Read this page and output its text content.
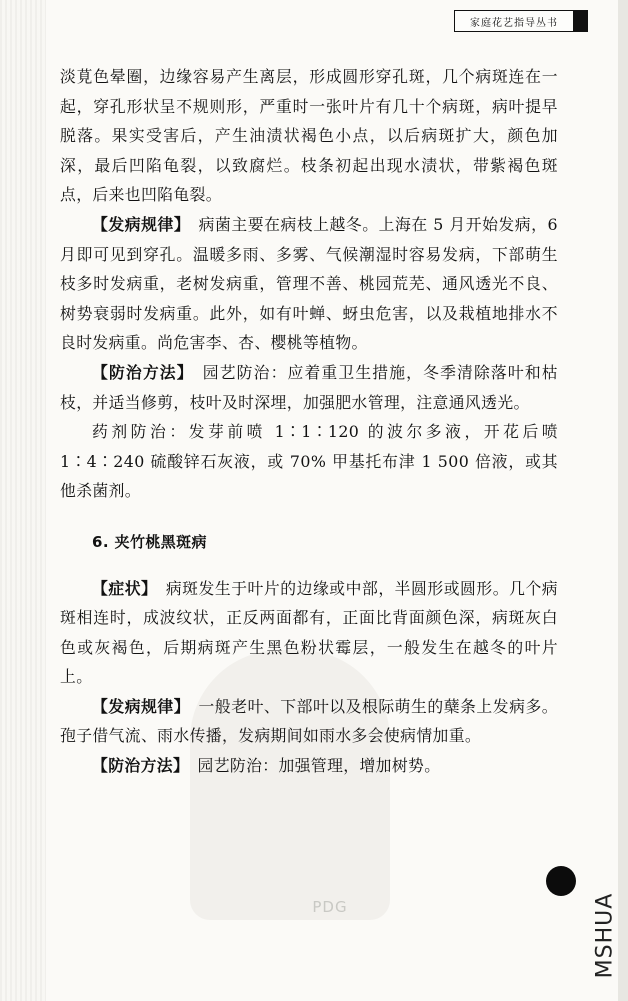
家庭花艺指导丛书
PDG

淡莧色晕圈，边缘容易产生离层，形成圆形穿孔斑，几个病斑连在一起，穿孔形状呈不规则形，严重时一张叶片有几十个病斑，病叶提早脱落。果实受害后，产生油渍状褐色小点，以后病斑扩大，颜色加深，最后凹陷龟裂，以致腐烂。枝条初起出现水渍状，带紫褐色斑点，后来也凹陷龟裂。

【发病规律】　病菌主要在病枝上越冬。上海在 5 月开始发病，6 月即可见到穿孔。温暖多雨、多雾、气候潮湿时容易发病，下部萌生枝多时发病重，老树发病重，管理不善、桃园荒芜、通风透光不良、树势衰弱时发病重。此外，如有叶蝉、蚜虫危害，以及栽植地排水不良时发病重。尚危害李、杏、樱桃等植物。

【防治方法】　园艺防治：应着重卫生措施，冬季清除落叶和枯枝，并适当修剪，枝叶及时深埋，加强肥水管理，注意通风透光。

药剂防治：发芽前喷 1∶1∶120 的波尔多液，开花后喷 1∶4∶240 硫酸锌石灰液，或 70% 甲基托布津 1 500 倍液，或其他杀菌剂。

6. 夹竹桃黑斑病

【症状】　病斑发生于叶片的边缘或中部，半圆形或圆形。几个病斑相连时，成波纹状，正反两面都有，正面比背面颜色深，病斑灰白色或灰褐色，后期病斑产生黑色粉状霉层，一般发生在越冬的叶片上。

【发病规律】　一般老叶、下部叶以及根际萌生的蘖条上发病多。孢子借气流、雨水传播，发病期间如雨水多会使病情加重。

【防治方法】　园艺防治：加强管理，增加树势。

MSHUA
